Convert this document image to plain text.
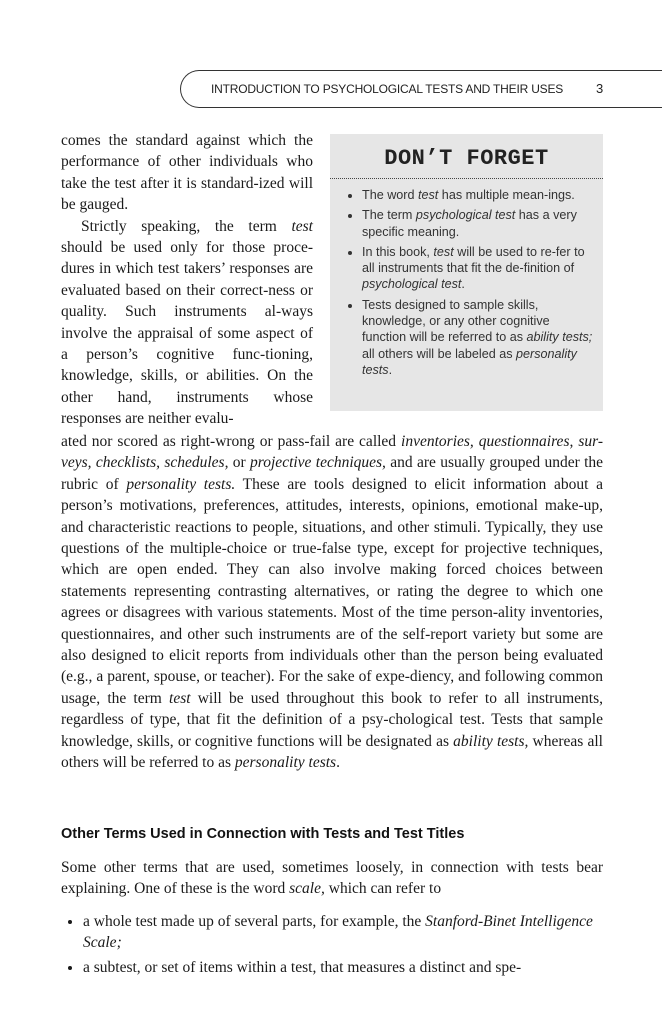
INTRODUCTION TO PSYCHOLOGICAL TESTS AND THEIR USES	3

comes the standard against which the performance of other individuals who take the test after it is standard-ized will be gauged.

Strictly speaking, the term test should be used only for those proce-dures in which test takers’ responses are evaluated based on their correct-ness or quality. Such instruments al-ways involve the appraisal of some aspect of a person’s cognitive func-tioning, knowledge, skills, or abilities. On the other hand, instruments whose responses are neither evalu-

DON’T FORGET
• The word test has multiple mean-ings.
• The term psychological test has a very specific meaning.
• In this book, test will be used to re-fer to all instruments that fit the de-finition of psychological test.
• Tests designed to sample skills, knowledge, or any other cognitive function will be referred to as ability tests; all others will be labeled as personality tests.

ated nor scored as right-wrong or pass-fail are called inventories, questionnaires, sur-veys, checklists, schedules, or projective techniques, and are usually grouped under the rubric of personality tests. These are tools designed to elicit information about a person’s motivations, preferences, attitudes, interests, opinions, emotional make-up, and characteristic reactions to people, situations, and other stimuli. Typically, they use questions of the multiple-choice or true-false type, except for projective techniques, which are open ended. They can also involve making forced choices between statements representing contrasting alternatives, or rating the degree to which one agrees or disagrees with various statements. Most of the time person-ality inventories, questionnaires, and other such instruments are of the self-report variety but some are also designed to elicit reports from individuals other than the person being evaluated (e.g., a parent, spouse, or teacher). For the sake of expe-diency, and following common usage, the term test will be used throughout this book to refer to all instruments, regardless of type, that fit the definition of a psy-chological test. Tests that sample knowledge, skills, or cognitive functions will be designated as ability tests, whereas all others will be referred to as personality tests.

Other Terms Used in Connection with Tests and Test Titles

Some other terms that are used, sometimes loosely, in connection with tests bear explaining. One of these is the word scale, which can refer to

• a whole test made up of several parts, for example, the Stanford-Binet Intelligence Scale;
• a subtest, or set of items within a test, that measures a distinct and spe-
